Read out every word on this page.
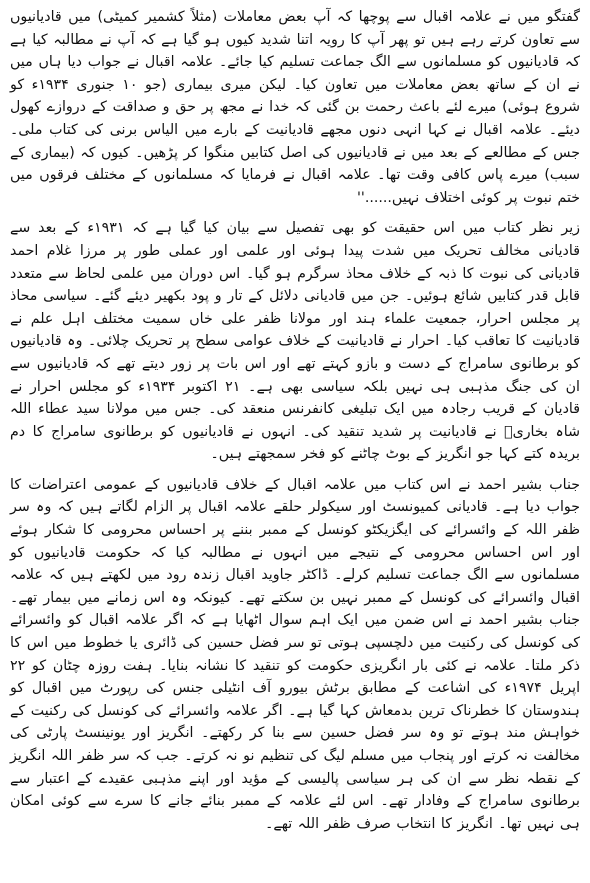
گفتگو میں نے علامہ اقبال سے پوچھا کہ آپ بعض معاملات (مثلاً کشمیر کمیٹی) میں قادیانیوں سے تعاون کرتے رہے ہیں تو پھر آپ کا رویہ اتنا شدید کیوں ہو گیا ہے کہ آپ نے مطالبہ کیا ہے کہ قادیانیوں کو مسلمانوں سے الگ جماعت تسلیم کیا جائے۔ علامہ اقبال نے جواب دیا ہاں میں نے ان کے ساتھ بعض معاملات میں تعاون کیا۔ لیکن میری بیماری (جو ۱۰ جنوری ۱۹۳۴ء کو شروع ہوئی) میرے لئے باعث رحمت بن گئی کہ خدا نے مجھ پر حق و صداقت کے دروازے کھول دیئے۔ علامہ اقبال نے کہا انہی دنوں مجھے قادیانیت کے بارے میں الیاس برنی کی کتاب ملی۔ جس کے مطالعے کے بعد میں نے قادیانیوں کی اصل کتابیں منگوا کر پڑھیں۔ کیوں کہ (بیماری کے سبب) میرے پاس کافی وقت تھا۔ علامہ اقبال نے فرمایا کہ مسلمانوں کے مختلف فرقوں میں ختم نبوت پر کوئی اختلاف نہیں......''

زیر نظر کتاب میں اس حقیقت کو بھی تفصیل سے بیان کیا گیا ہے کہ ۱۹۳۱ء کے بعد سے قادیانی مخالف تحریک میں شدت پیدا ہوئی اور علمی اور عملی طور پر مرزا غلام احمد قادیانی کی نبوت کا ذبہ کے خلاف محاذ سرگرم ہو گیا۔ اس دوران میں علمی لحاظ سے متعدد قابل قدر کتابیں شائع ہوئیں۔ جن میں قادیانی دلائل کے تار و پود بکھیر دیئے گئے۔ سیاسی محاذ پر مجلس احرار، جمعیت علماء ہند اور مولانا ظفر علی خاں سمیت مختلف اہل علم نے قادیانیت کا تعاقب کیا۔ احرار نے قادیانیت کے خلاف عوامی سطح پر تحریک چلائی۔ وہ قادیانیوں کو برطانوی سامراج کے دست و بازو کہتے تھے اور اس بات پر زور دیتے تھے کہ قادیانیوں سے ان کی جنگ مذہبی ہی نہیں بلکہ سیاسی بھی ہے۔ ۲۱ اکتوبر ۱۹۳۴ء کو مجلس احرار نے قادیان کے قریب رجادہ میں ایک تبلیغی کانفرنس منعقد کی۔ جس میں مولانا سید عطاء اللہ شاہ بخاریؒ نے قادیانیت پر شدید تنقید کی۔ انہوں نے قادیانیوں کو برطانوی سامراج کا دم بریدہ کتے کہا جو انگریز کے بوٹ چاٹنے کو فخر سمجھتے ہیں۔

جناب بشیر احمد نے اس کتاب میں علامہ اقبال کے خلاف قادیانیوں کے عمومی اعتراضات کا جواب دیا ہے۔ قادیانی کمیونسٹ اور سیکولر حلقے علامہ اقبال پر الزام لگاتے ہیں کہ وہ سر ظفر اللہ کے وائسرائے کی ایگزیکٹو کونسل کے ممبر بننے پر احساس محرومی کا شکار ہوئے اور اس احساس محرومی کے نتیجے میں انہوں نے مطالبہ کیا کہ حکومت قادیانیوں کو مسلمانوں سے الگ جماعت تسلیم کرلے۔ ڈاکٹر جاوید اقبال زندہ رود میں لکھتے ہیں کہ علامہ اقبال وائسرائے کی کونسل کے ممبر نہیں بن سکتے تھے۔ کیونکہ وہ اس زمانے میں بیمار تھے۔ جناب بشیر احمد نے اس ضمن میں ایک اہم سوال اٹھایا ہے کہ اگر علامہ اقبال کو وائسرائے کی کونسل کی رکنیت میں دلچسپی ہوتی تو سر فضل حسین کی ڈائری یا خطوط میں اس کا ذکر ملتا۔ علامہ نے کئی بار انگریزی حکومت کو تنقید کا نشانہ بنایا۔ ہفت روزہ چٹان کو ۲۲ اپریل ۱۹۷۴ء کی اشاعت کے مطابق برٹش بیورو آف انٹیلی جنس کی رپورٹ میں اقبال کو ہندوستان کا خطرناک ترین بدمعاش کہا گیا ہے۔ اگر علامہ وائسرائے کی کونسل کی رکنیت کے خواہش مند ہوتے تو وہ سر فضل حسین سے بنا کر رکھتے۔ انگریز اور یونینسٹ پارٹی کی مخالفت نہ کرتے اور پنجاب میں مسلم لیگ کی تنظیم نو نہ کرتے۔ جب کہ سر ظفر اللہ انگریز کے نقطہ نظر سے ان کی ہر سیاسی پالیسی کے مؤید اور اپنے مذہبی عقیدے کے اعتبار سے برطانوی سامراج کے وفادار تھے۔ اس لئے علامہ کے ممبر بنائے جانے کا سرے سے کوئی امکان ہی نہیں تھا۔ انگریز کا انتخاب صرف ظفر اللہ تھے۔
